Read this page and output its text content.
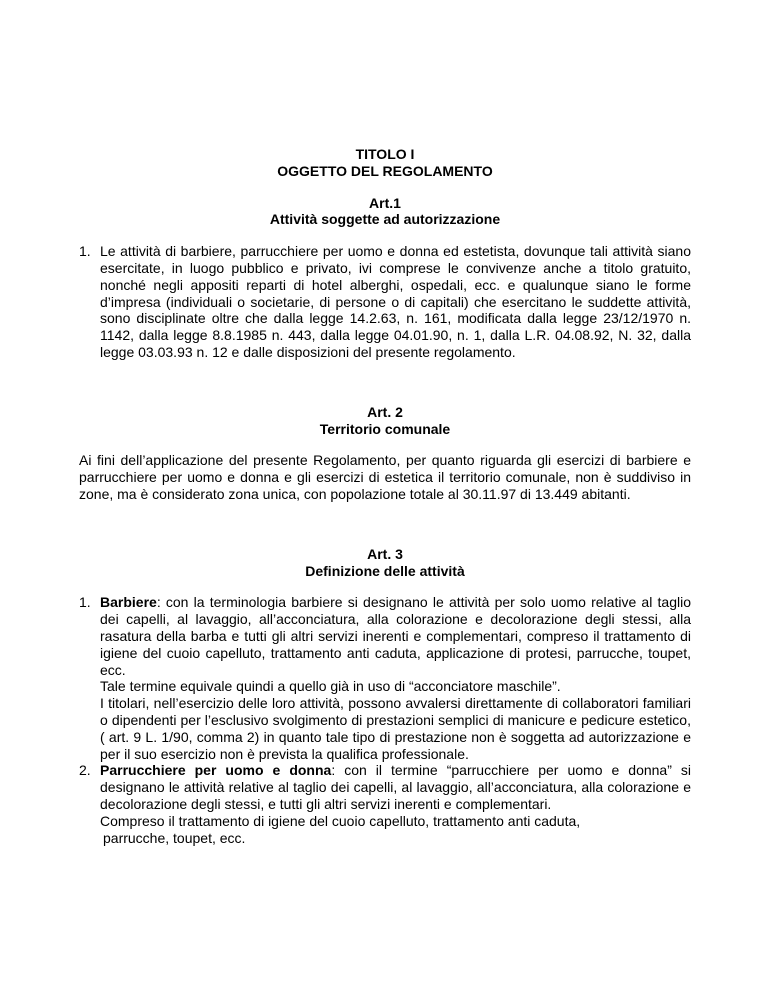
TITOLO I
OGGETTO DEL REGOLAMENTO
Art.1
Attività soggette ad autorizzazione
1. Le attività di barbiere, parrucchiere per uomo e donna ed estetista, dovunque tali attività siano esercitate, in luogo pubblico e privato, ivi comprese le convivenze anche a titolo gratuito, nonché negli appositi reparti di hotel alberghi, ospedali, ecc. e qualunque siano le forme d’impresa (individuali o societarie, di persone o di capitali) che esercitano le suddette attività, sono disciplinate oltre che dalla legge 14.2.63, n. 161, modificata dalla legge 23/12/1970 n. 1142, dalla legge 8.8.1985 n. 443, dalla legge 04.01.90, n. 1, dalla L.R. 04.08.92, N. 32, dalla legge 03.03.93 n. 12 e dalle disposizioni del presente regolamento.

Art. 2
Territorio comunale

Ai fini dell’applicazione del presente Regolamento, per quanto riguarda gli esercizi di barbiere e parrucchiere per uomo e donna e gli esercizi di estetica il territorio comunale, non è suddiviso in zone, ma è considerato zona unica, con popolazione totale al 30.11.97 di 13.449 abitanti.

Art. 3
Definizione delle attività
1. Barbiere: con la terminologia barbiere si designano le attività per solo uomo relative al taglio dei capelli, al lavaggio, all’acconciatura, alla colorazione e decolorazione degli stessi, alla rasatura della barba e tutti gli altri servizi inerenti e complementari, compreso il trattamento di igiene del cuoio capelluto, trattamento anti caduta, applicazione di protesi, parrucche, toupet, ecc.

Tale termine equivale quindi a quello già in uso di “acconciatore maschile”.

I titolari, nell’esercizio delle loro attività, possono avvalersi direttamente di collaboratori familiari o dipendenti per l’esclusivo svolgimento di prestazioni semplici di manicure e pedicure estetico, ( art. 9 L. 1/90, comma 2) in quanto tale tipo di prestazione non è soggetta ad autorizzazione e per il suo esercizio non è prevista la qualifica professionale.

2. Parrucchiere per uomo e donna: con il termine “parrucchiere per uomo e donna” si designano le attività relative al taglio dei capelli, al lavaggio, all’acconciatura, alla colorazione e decolorazione degli stessi, e tutti gli altri servizi inerenti e complementari.

Compreso il trattamento di igiene del cuoio capelluto, trattamento anti caduta,

parrucche, toupet, ecc.
